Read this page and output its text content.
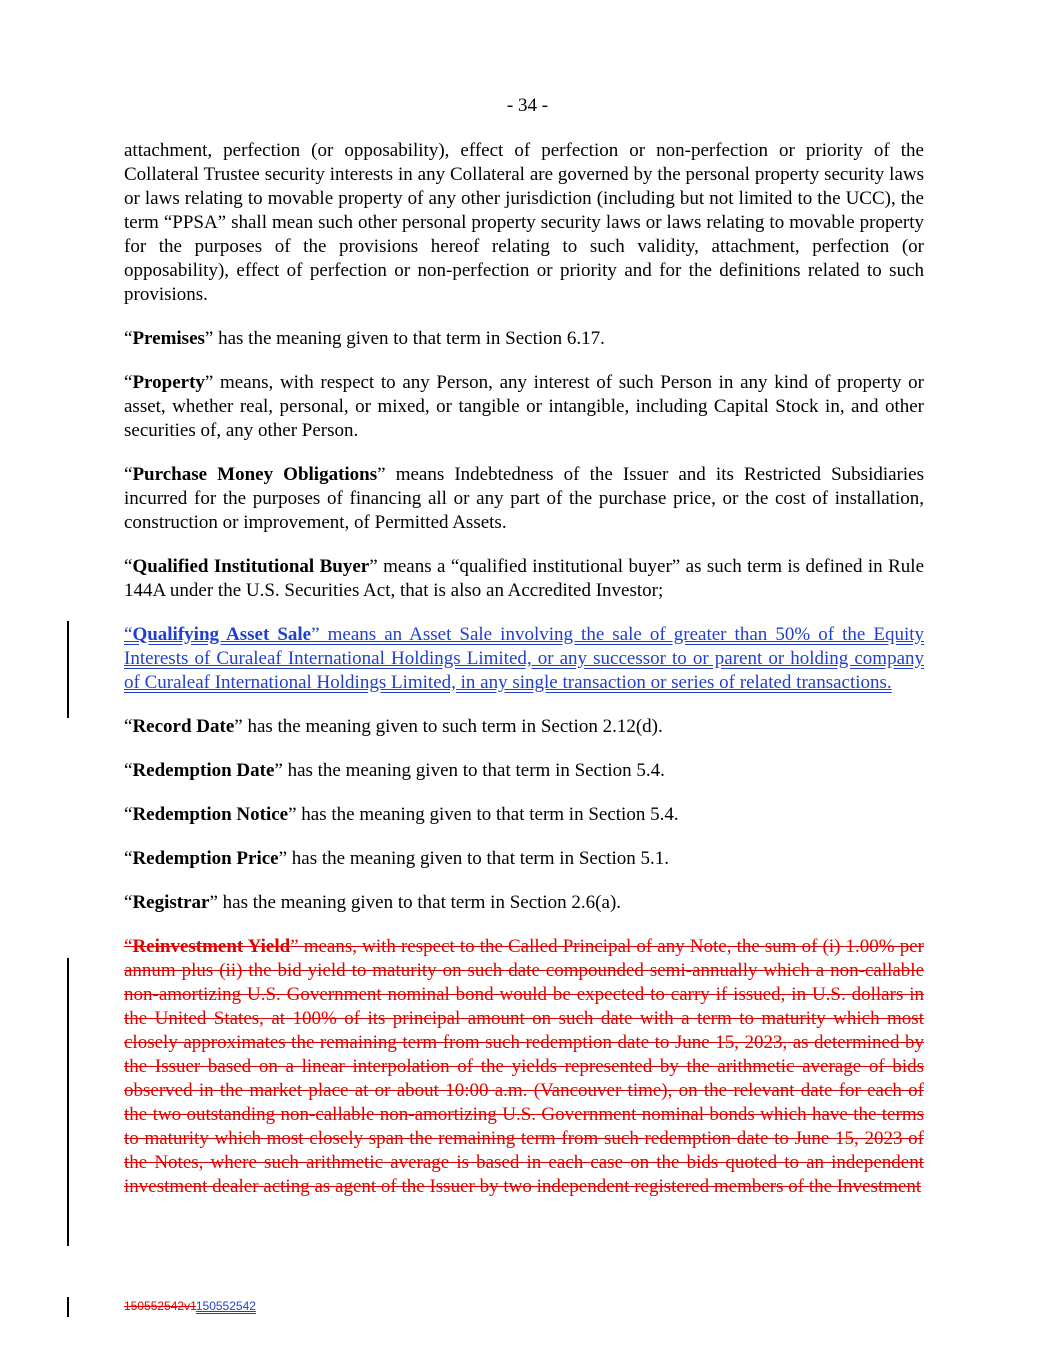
- 34 -

attachment, perfection (or opposability), effect of perfection or non-perfection or priority of the Collateral Trustee security interests in any Collateral are governed by the personal property security laws or laws relating to movable property of any other jurisdiction (including but not limited to the UCC), the term “PPSA” shall mean such other personal property security laws or laws relating to movable property for the purposes of the provisions hereof relating to such validity, attachment, perfection (or opposability), effect of perfection or non-perfection or priority and for the definitions related to such provisions.

“Premises” has the meaning given to that term in Section 6.17.

“Property” means, with respect to any Person, any interest of such Person in any kind of property or asset, whether real, personal, or mixed, or tangible or intangible, including Capital Stock in, and other securities of, any other Person.

“Purchase Money Obligations” means Indebtedness of the Issuer and its Restricted Subsidiaries incurred for the purposes of financing all or any part of the purchase price, or the cost of installation, construction or improvement, of Permitted Assets.

“Qualified Institutional Buyer” means a “qualified institutional buyer” as such term is defined in Rule 144A under the U.S. Securities Act, that is also an Accredited Investor;

“Qualifying Asset Sale” means an Asset Sale involving the sale of greater than 50% of the Equity Interests of Curaleaf International Holdings Limited, or any successor to or parent or holding company of Curaleaf International Holdings Limited, in any single transaction or series of related transactions.

“Record Date” has the meaning given to such term in Section 2.12(d).

“Redemption Date” has the meaning given to that term in Section 5.4.

“Redemption Notice” has the meaning given to that term in Section 5.4.

“Redemption Price” has the meaning given to that term in Section 5.1.

“Registrar” has the meaning given to that term in Section 2.6(a).

“Reinvestment Yield” means, with respect to the Called Principal of any Note, the sum of (i) 1.00% per annum plus (ii) the bid yield to maturity on such date compounded semi-annually which a non-callable non-amortizing U.S. Government nominal bond would be expected to carry if issued, in U.S. dollars in the United States, at 100% of its principal amount on such date with a term to maturity which most closely approximates the remaining term from such redemption date to June 15, 2023, as determined by the Issuer based on a linear interpolation of the yields represented by the arithmetic average of bids observed in the market place at or about 10:00 a.m. (Vancouver time), on the relevant date for each of the two outstanding non-callable non-amortizing U.S. Government nominal bonds which have the terms to maturity which most closely span the remaining term from such redemption date to June 15, 2023 of the Notes, where such arithmetic average is based in each case on the bids quoted to an independent investment dealer acting as agent of the Issuer by two independent registered members of the Investment

150552542v1150552542
